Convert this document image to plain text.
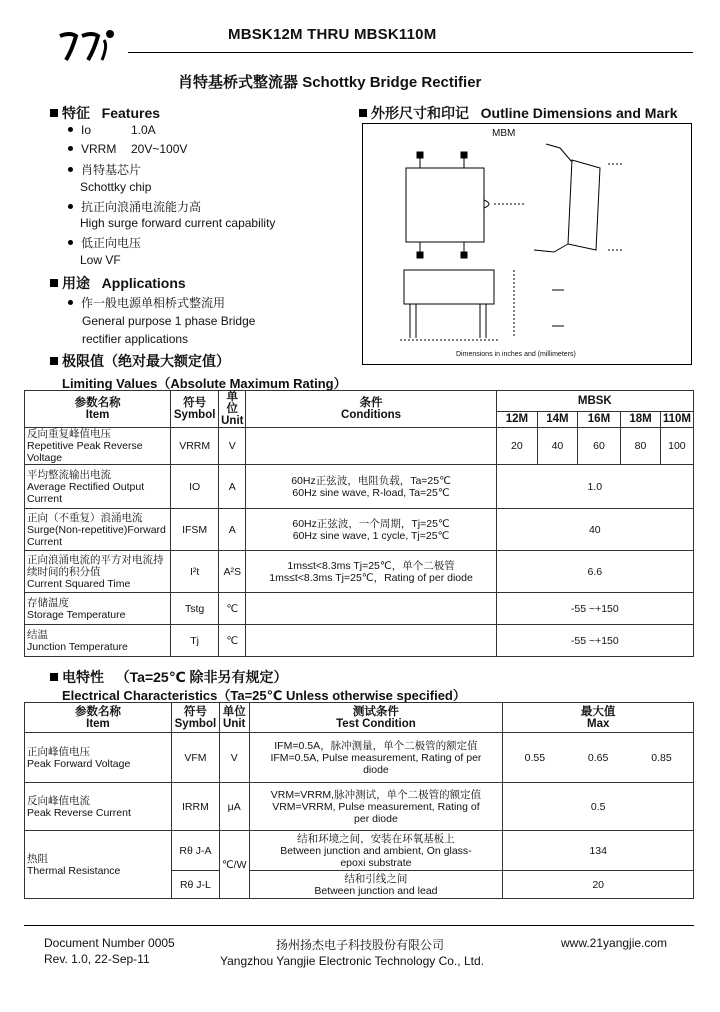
MBSK12M THRU MBSK110M
肖特基桥式整流器 Schottky Bridge Rectifier
特征 Features
Io	1.0A
VRRM 20V~100V
肖特基芯片
Schottky chip
抗正向浪涌电流能力高
High surge forward current capability
低正向电压
Low VF
用途 Applications
作一般电源单相桥式整流用
General purpose 1 phase Bridge
rectifier applications
外形尺寸和印记 Outline Dimensions and Mark
MBM
Dimensions in inches and (millimeters)
极限值（绝对最大额定值）
Limiting Values（Absolute Maximum Rating）
参数名称
Item	符号
Symbol	单位
Unit	条件
Conditions	MBSK				
				12M	14M	16M	18M	110M
反向重复峰值电压
Repetitive Peak Reverse Voltage	VRRM	V		20	40	60	80	100
平均整流输出电流
Average Rectified Output Current	IO	A	60Hz正弦波，电阻负载，Ta=25℃
60Hz sine wave, R-load, Ta=25℃	1.0				
正向（不重复）浪涌电流
Surge(Non-repetitive)Forward Current	IFSM	A	60Hz正弦波，一个周期，Tj=25℃
60Hz sine wave, 1 cycle, Tj=25℃	40				
正向浪涌电流的平方对电流持续时间的积分值
Current Squared Time	I²t	A²S	1ms≤t<8.3ms Tj=25℃，单个二极管
1ms≤t<8.3ms Tj=25℃，Rating of per diode	6.6				
存储温度
Storage Temperature	Tstg	℃		-55 ~+150				
结温
Junction Temperature	Tj	℃		-55 ~+150				
电特性 （Ta=25℃ 除非另有规定）
Electrical Characteristics（Ta=25℃ Unless otherwise specified）
参数名称
Item	符号
Symbol	单位
Unit	测试条件
Test Condition	最大值
Max		
正向峰值电压
Peak Forward Voltage	VFM	V	IFM=0.5A，脉冲测量，单个二极管的额定值
IFM=0.5A, Pulse measurement, Rating of per
diode	0.55	0.65	0.85
反向峰值电流
Peak Reverse Current	IRRM	μA	VRM=VRRM,脉冲测试，单个二极管的额定值
VRM=VRRM, Pulse measurement, Rating of
per diode	0.5		
热阻
Thermal Resistance	Rθ J-A	℃/W	结和环境之间，安装在环氧基板上
Between junction and ambient, On glass-
epoxi substrate	134		
	Rθ J-L		结和引线之间
Between junction and lead	20		
Document Number 0005
Rev. 1.0, 22-Sep-11
扬州扬杰电子科技股份有限公司
Yangzhou Yangjie Electronic Technology Co., Ltd.
www.21yangjie.com
